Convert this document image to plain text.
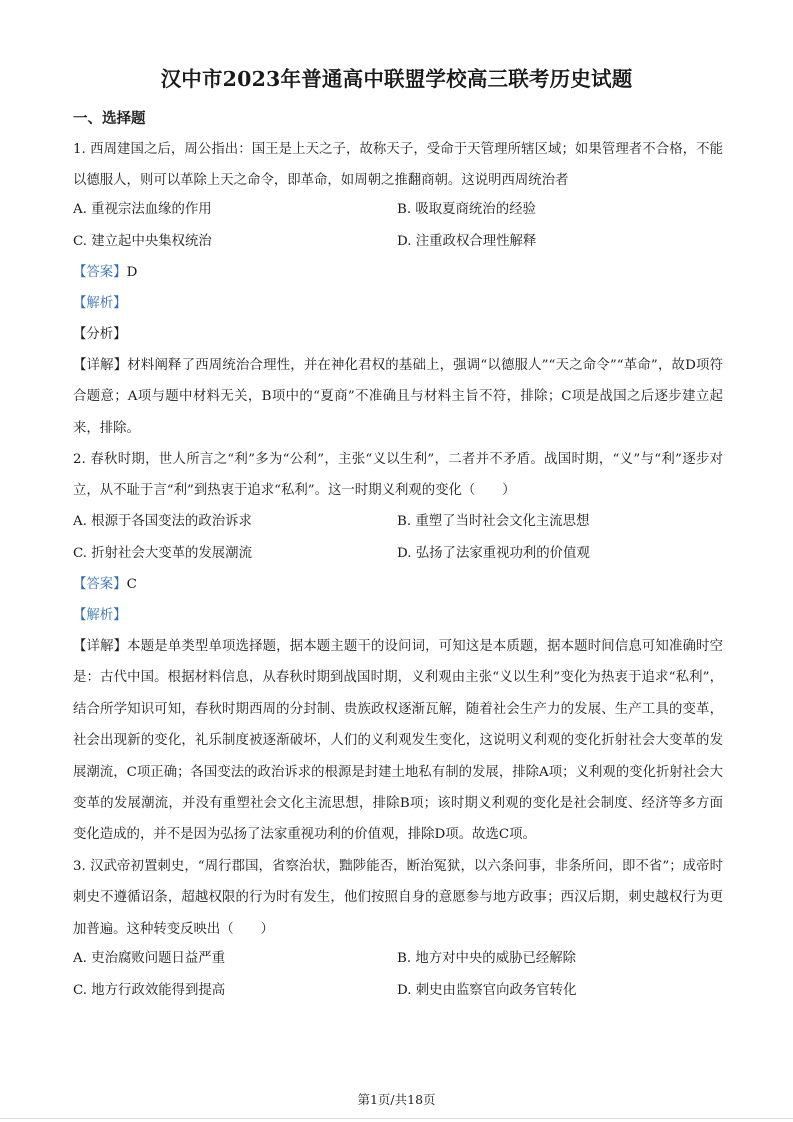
汉中市2023年普通高中联盟学校高三联考历史试题
一、选择题

1. 西周建国之后，周公指出：国王是上天之子，故称天子，受命于天管理所辖区域；如果管理者不合格，不能以德服人，则可以革除上天之命令，即革命，如周朝之推翻商朝。这说明西周统治者

A. 重视宗法血缘的作用	B. 吸取夏商统治的经验
C. 建立起中央集权统治	D. 注重政权合理性解释
【答案】D
【解析】
【分析】

【详解】材料阐释了西周统治合理性，并在神化君权的基础上，强调“以德服人”“天之命令”“革命”，故D项符合题意；A项与题中材料无关，B项中的“夏商”不准确且与材料主旨不符，排除；C项是战国之后逐步建立起来，排除。

2. 春秋时期，世人所言之“利”多为“公利”，主张“义以生利”，二者并不矛盾。战国时期，“义”与“利”逐步对立，从不耻于言“利”到热衷于追求“私利”。这一时期义利观的变化（　　）

A. 根源于各国变法的政治诉求	B. 重塑了当时社会文化主流思想
C. 折射社会大变革的发展潮流	D. 弘扬了法家重视功利的价值观
【答案】C
【解析】

【详解】本题是单类型单项选择题，据本题主题干的设问词，可知这是本质题，据本题时间信息可知准确时空是：古代中国。根据材料信息，从春秋时期到战国时期，义利观由主张“义以生利”变化为热衷于追求“私利”，结合所学知识可知，春秋时期西周的分封制、贵族政权逐渐瓦解，随着社会生产力的发展、生产工具的变革，社会出现新的变化，礼乐制度被逐渐破坏，人们的义利观发生变化，这说明义利观的变化折射社会大变革的发展潮流，C项正确；各国变法的政治诉求的根源是封建土地私有制的发展，排除A项；义利观的变化折射社会大变革的发展潮流，并没有重塑社会文化主流思想，排除B项；该时期义利观的变化是社会制度、经济等多方面变化造成的，并不是因为弘扬了法家重视功利的价值观，排除D项。故选C项。

3. 汉武帝初置刺史，“周行郡国，省察治状，黜陟能否，断治冤狱，以六条问事，非条所问，即不省”；成帝时刺史不遵循诏条，超越权限的行为时有发生，他们按照自身的意愿参与地方政事；西汉后期，刺史越权行为更加普遍。这种转变反映出（　　）

A. 吏治腐败问题日益严重	B. 地方对中央的威胁已经解除
C. 地方行政效能得到提高	D. 刺史由监察官向政务官转化
第1页/共18页
